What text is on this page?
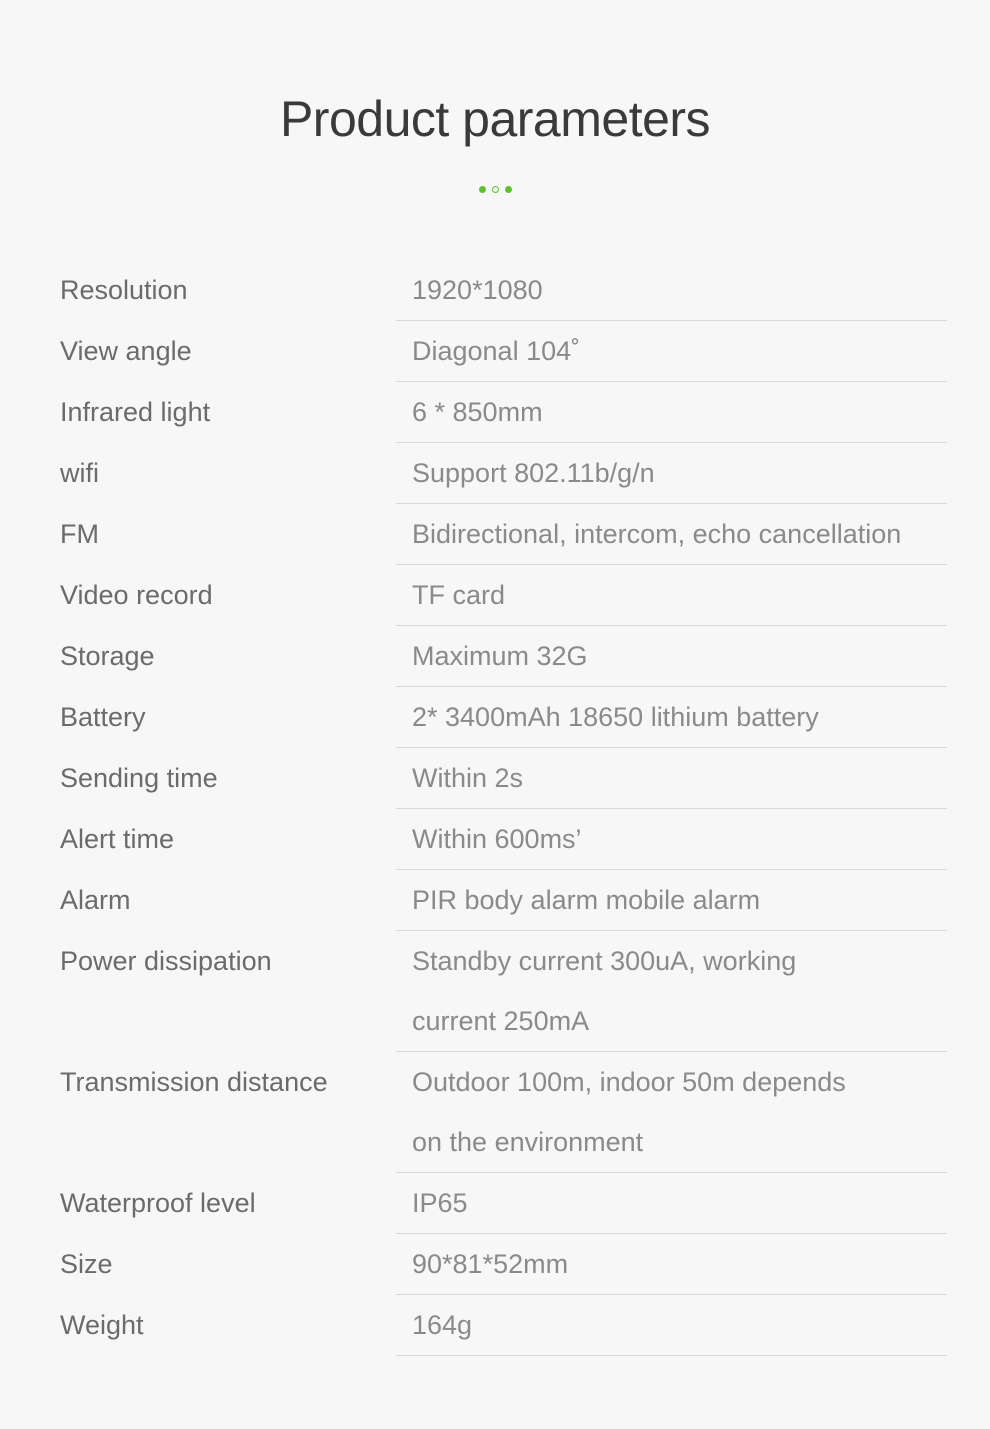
Product parameters
Resolution	1920*1080
View angle	Diagonal 104˚
Infrared light	6 * 850mm
wifi	Support 802.11b/g/n
FM	Bidirectional, intercom, echo cancellation
Video record	TF card
Storage	Maximum 32G
Battery	2* 3400mAh 18650 lithium battery
Sending time	Within 2s
Alert time	Within 600ms’
Alarm	PIR body alarm mobile alarm
Power dissipation	Standby current 300uA, working
current 250mA
Transmission distance	Outdoor 100m, indoor 50m depends
on the environment
Waterproof level	IP65
Size	90*81*52mm
Weight	164g
